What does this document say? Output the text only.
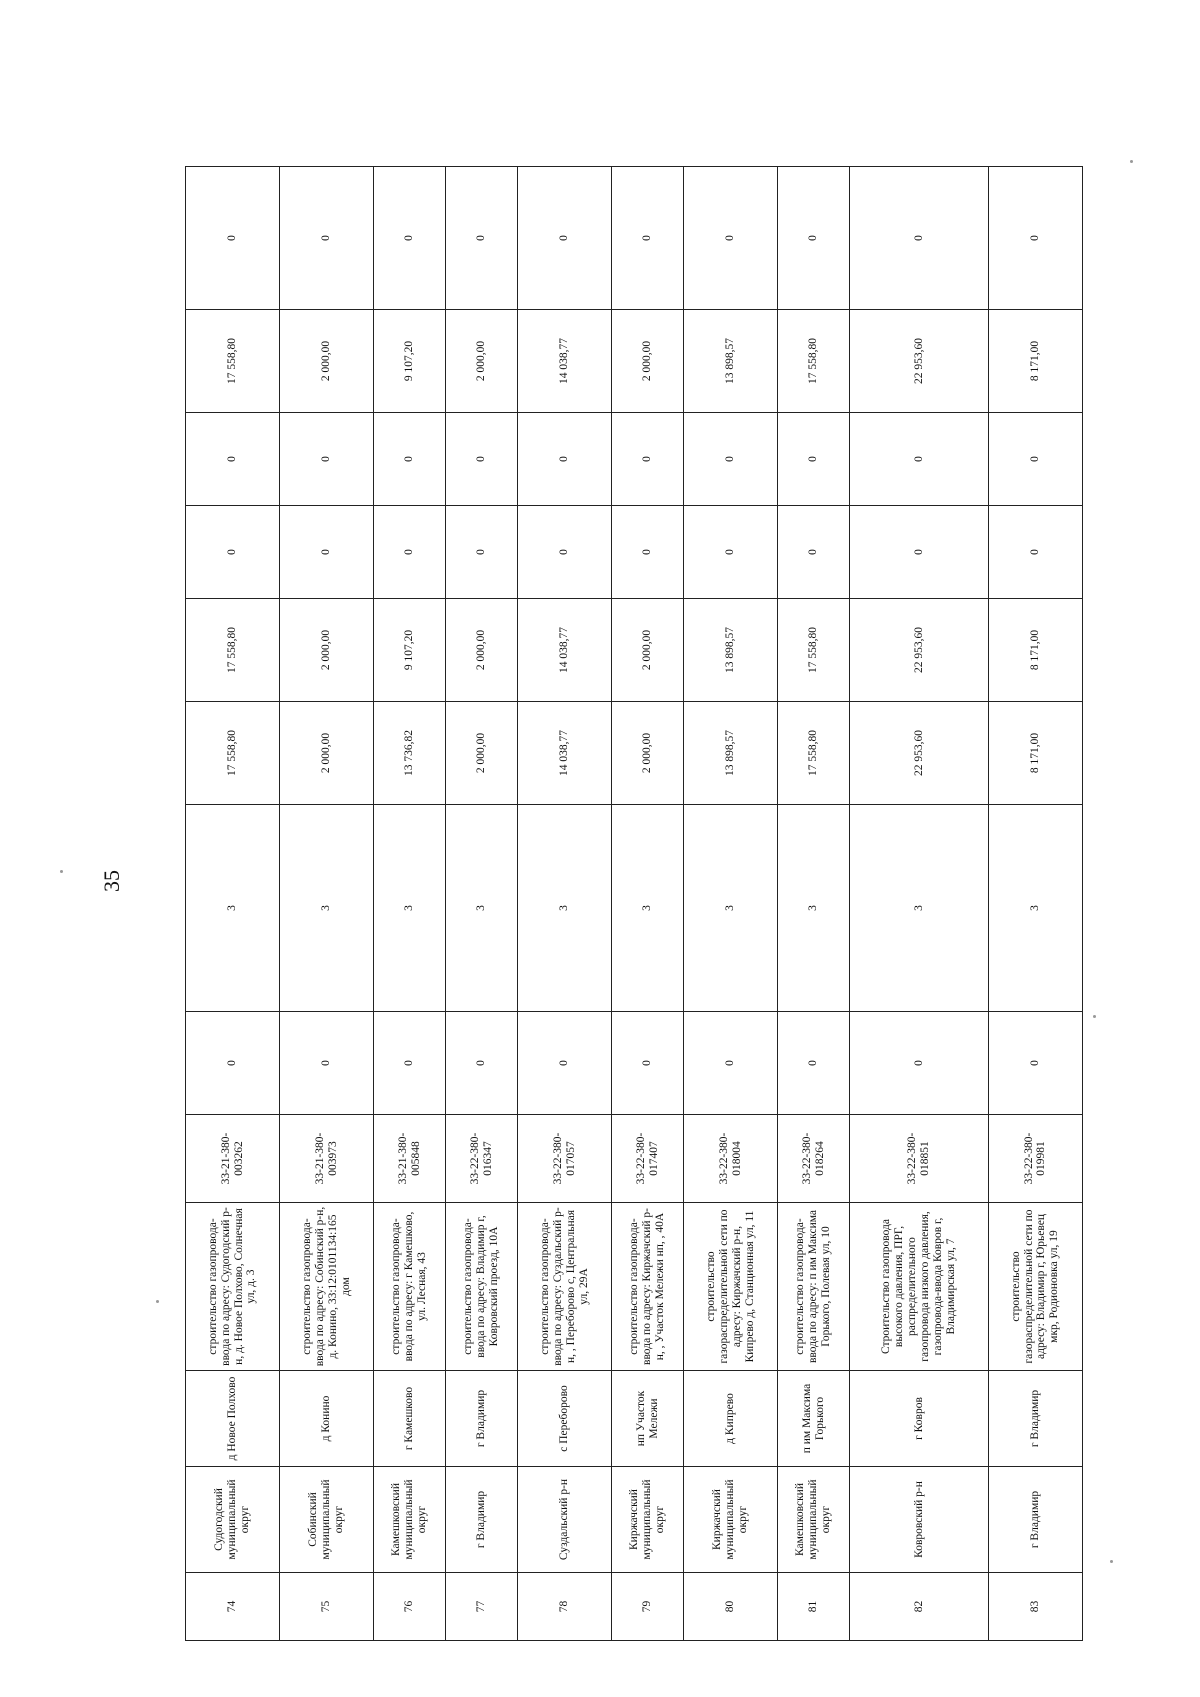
35
74	Судогодский муниципальный округ	д Новое Полхово	строительство газопровода-ввода по адресу: Судогодский р-н, д. Новое Полхово, Солнечная ул, д. 3	33-21-380-003262	0	3	17 558,80	17 558,80	0	0	17 558,80	0
75	Собинский муниципальный округ	д Конино	строительство газопровода-ввода по адресу: Собинский р-н, д. Конино, 33:12:0101134:165 дом	33-21-380-003973	0	3	2 000,00	2 000,00	0	0	2 000,00	0
76	Камешковский муниципальный округ	г Камешково	строительство газопровода-ввода по адресу: г Камешково, ул. Лесная, 43	33-21-380-005848	0	3	13 736,82	9 107,20	0	0	9 107,20	0
77	г Владимир	г Владимир	строительство газопровода-ввода по адресу: Владимир г, Ковровский проезд, 10А	33-22-380-016347	0	3	2 000,00	2 000,00	0	0	2 000,00	0
78	Суздальский р-н	с Переборово	строительство газопровода-ввода по адресу: Суздальский р-н, , Переборово с, Центральная ул, 29А	33-22-380-017057	0	3	14 038,77	14 038,77	0	0	14 038,77	0
79	Киржачский муниципальный округ	нп Участок Мележи	строительство газопровода-ввода по адресу: Киржачский р-н, , Участок Мележи нп, , 40А	33-22-380-017407	0	3	2 000,00	2 000,00	0	0	2 000,00	0
80	Киржачский муниципальный округ	д Кипрево	строительство газораспределительной сети по адресу: Киржачский р-н, Кипрево д, Станционная ул, 11	33-22-380-018004	0	3	13 898,57	13 898,57	0	0	13 898,57	0
81	Камешковский муниципальный округ	п им Максима Горького	строительство газопровода-ввода по адресу: п им Максима Горького, Полевая ул, 10	33-22-380-018264	0	3	17 558,80	17 558,80	0	0	17 558,80	0
82	Ковровский р-н	г Ковров	Строительство газопровода высокого давления, ПРГ, распределительного газопровода низкого давления, газопровода-ввода Ковров г, Владимирская ул, 7	33-22-380-018851	0	3	22 953,60	22 953,60	0	0	22 953,60	0
83	г Владимир	г Владимир	строительство газораспределительной сети по адресу: Владимир г, Юрьевец мкр, Родионовка ул, 19	33-22-380-019981	0	3	8 171,00	8 171,00	0	0	8 171,00	0
